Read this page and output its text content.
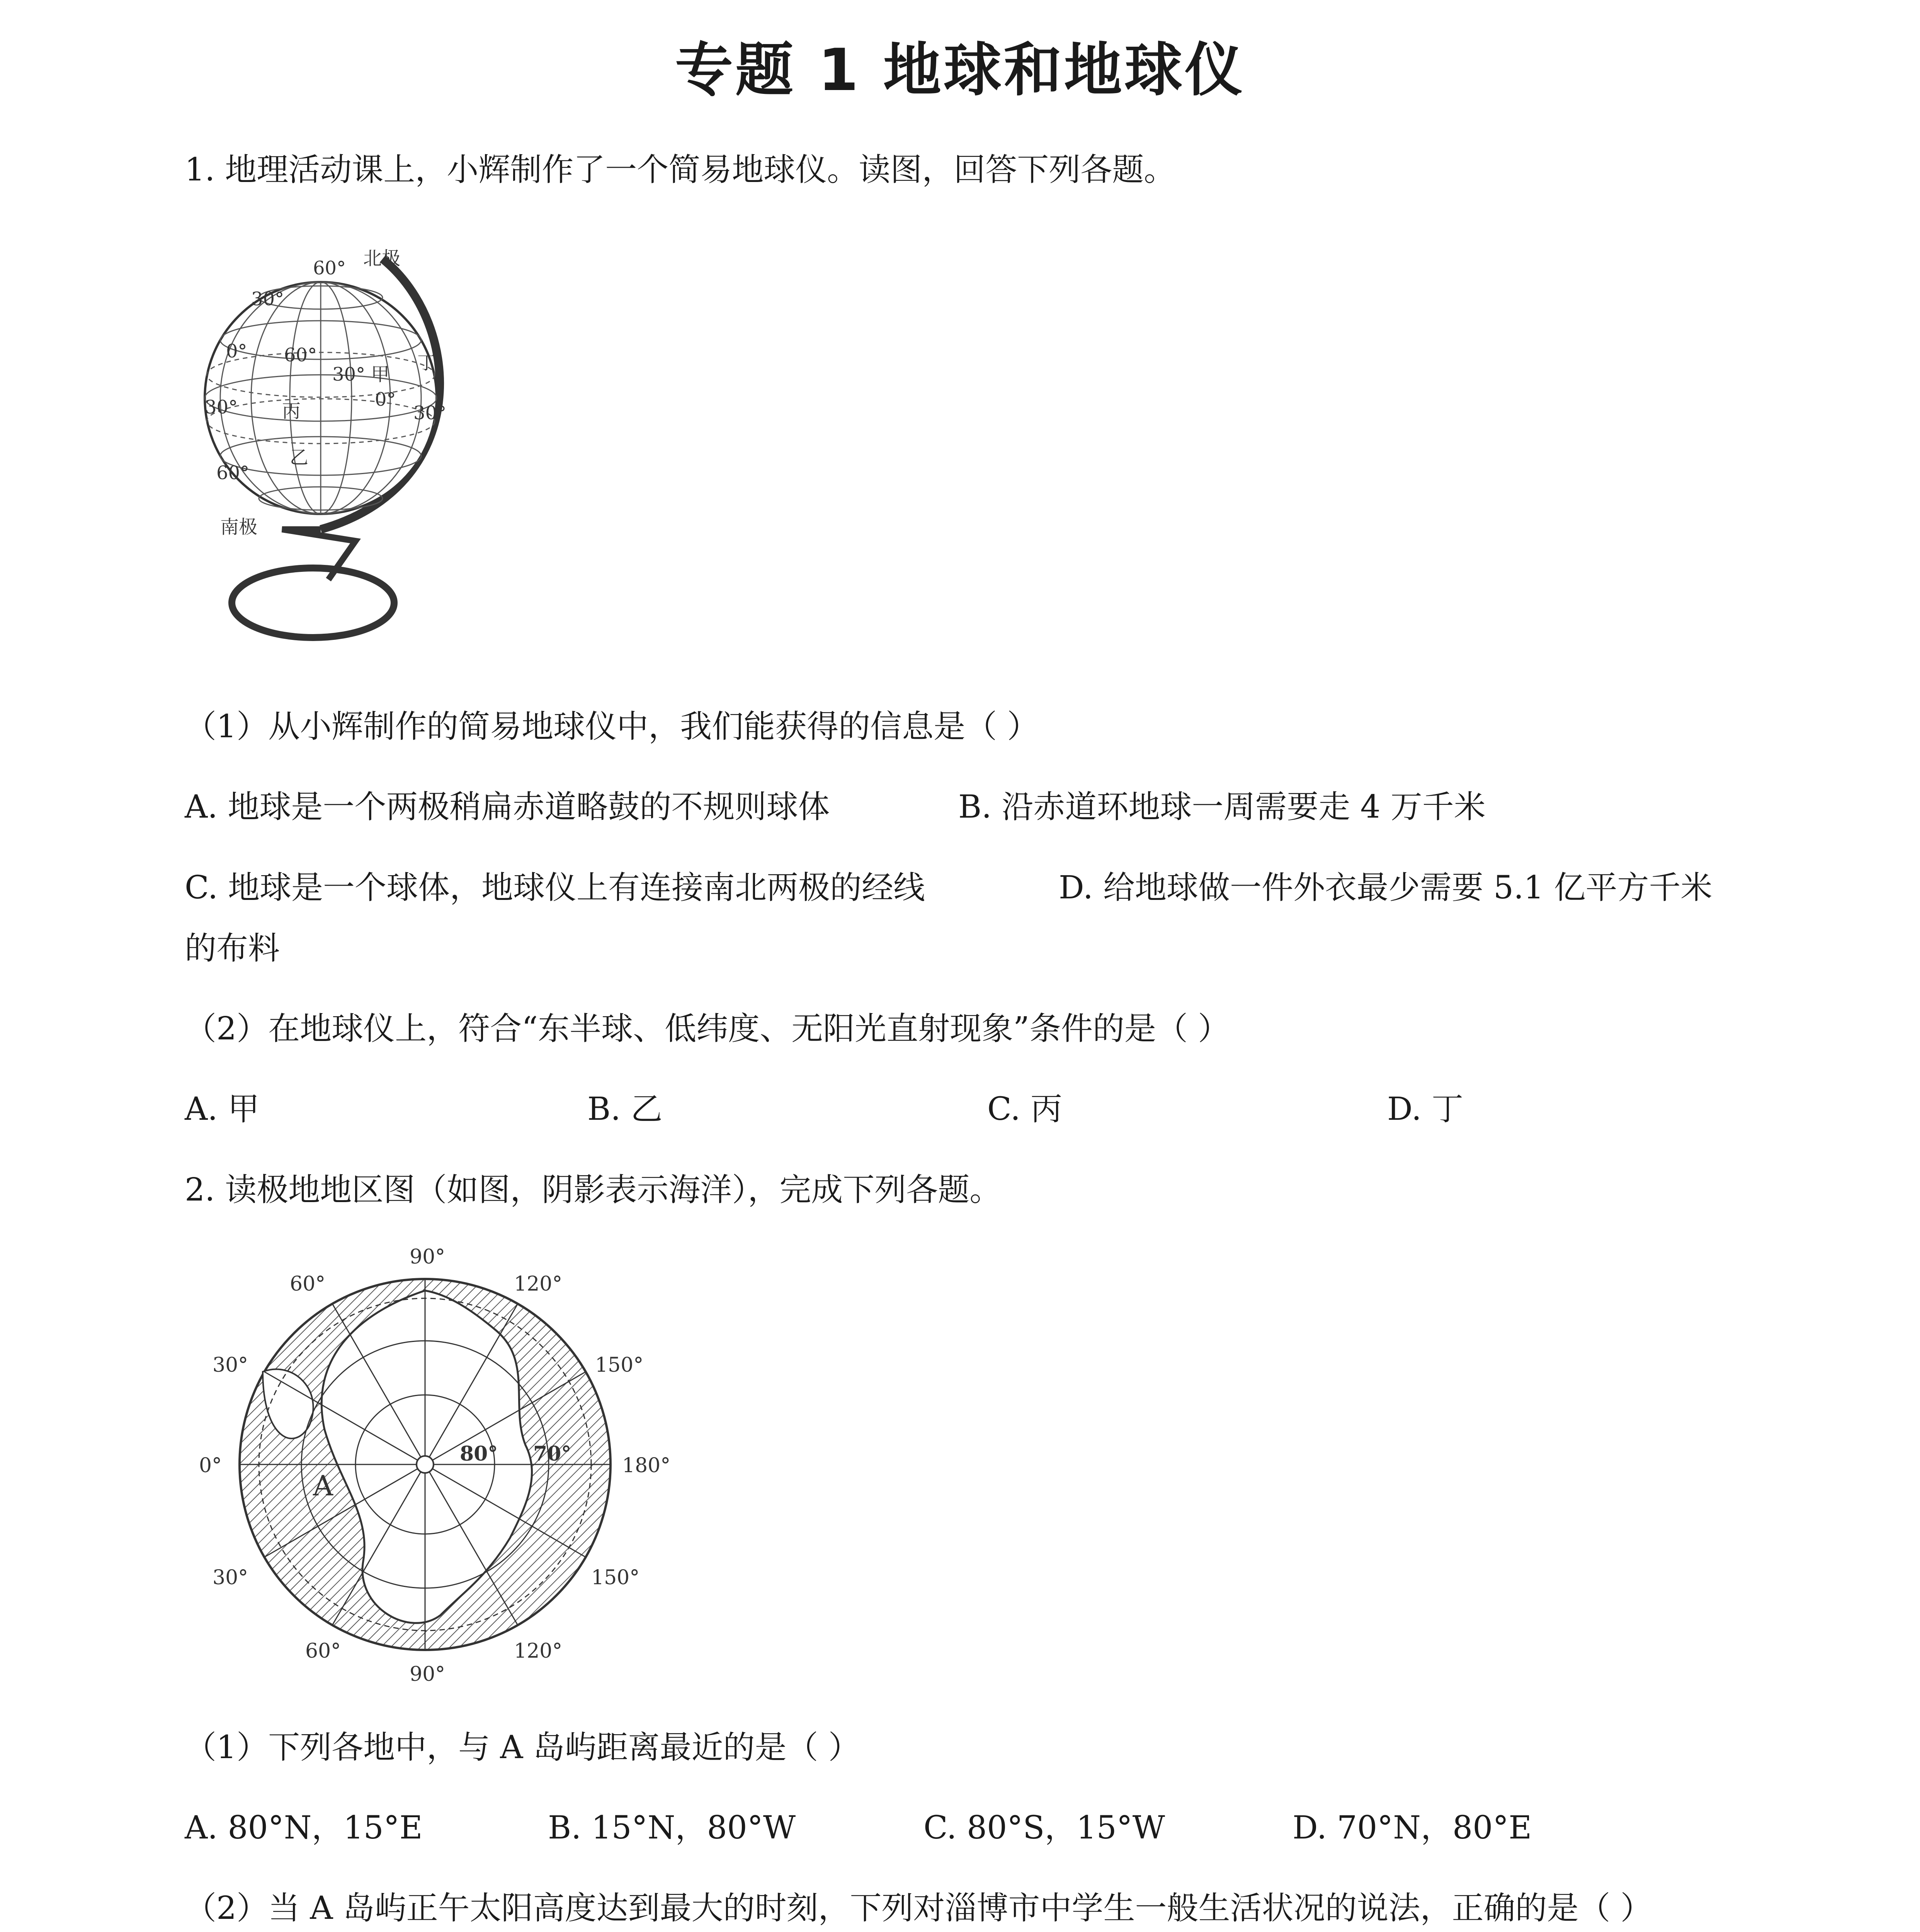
专题 1 地球和地球仪
1. 地理活动课上，小辉制作了一个简易地球仪。读图，回答下列各题。
北极
南极
60°
30°
0°
30°
60°
60°
30°
0°
30°
甲
乙
丙
丁
（1）从小辉制作的简易地球仪中，我们能获得的信息是（ ）
A. 地球是一个两极稍扁赤道略鼓的不规则球体	B. 沿赤道环地球一周需要走 4 万千米
C. 地球是一个球体，地球仪上有连接南北两极的经线	D. 给地球做一件外衣最少需要 5.1 亿平方千米
的布料
（2）在地球仪上，符合“东半球、低纬度、无阳光直射现象”条件的是（ ）
A. 甲	B. 乙	C. 丙	D. 丁
2. 读极地地区图（如图，阴影表示海洋），完成下列各题。
90°
90°
60°	120°
30°	150°
0°	180°
30°	150°
60°	120°
80° 70°
A
（1）下列各地中，与 A 岛屿距离最近的是（ ）
A. 80°N，15°E	B. 15°N，80°W	C. 80°S，15°W	D. 70°N，80°E
（2）当 A 岛屿正午太阳高度达到最大的时刻，下列对淄博市中学生一般生活状况的说法，正确的是（ ）
